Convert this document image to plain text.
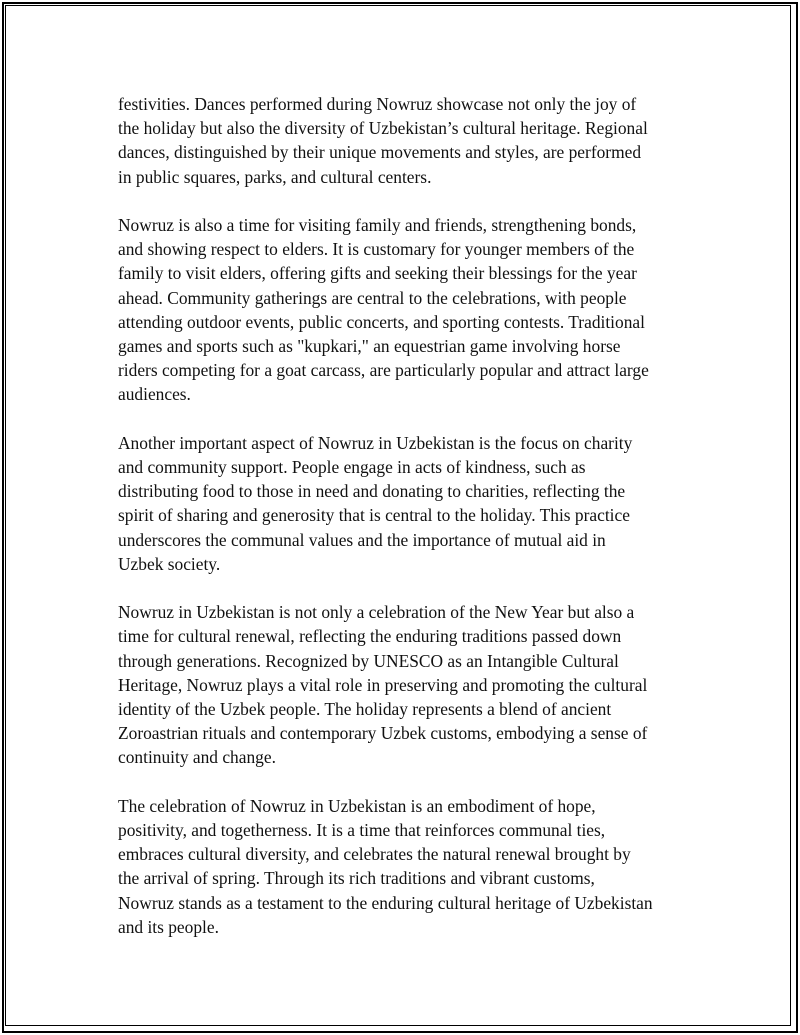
festivities. Dances performed during Nowruz showcase not only the joy of
the holiday but also the diversity of Uzbekistan’s cultural heritage. Regional
dances, distinguished by their unique movements and styles, are performed
in public squares, parks, and cultural centers.

Nowruz is also a time for visiting family and friends, strengthening bonds,
and showing respect to elders. It is customary for younger members of the
family to visit elders, offering gifts and seeking their blessings for the year
ahead. Community gatherings are central to the celebrations, with people
attending outdoor events, public concerts, and sporting contests. Traditional
games and sports such as "kupkari," an equestrian game involving horse
riders competing for a goat carcass, are particularly popular and attract large
audiences.

Another important aspect of Nowruz in Uzbekistan is the focus on charity
and community support. People engage in acts of kindness, such as
distributing food to those in need and donating to charities, reflecting the
spirit of sharing and generosity that is central to the holiday. This practice
underscores the communal values and the importance of mutual aid in
Uzbek society.

Nowruz in Uzbekistan is not only a celebration of the New Year but also a
time for cultural renewal, reflecting the enduring traditions passed down
through generations. Recognized by UNESCO as an Intangible Cultural
Heritage, Nowruz plays a vital role in preserving and promoting the cultural
identity of the Uzbek people. The holiday represents a blend of ancient
Zoroastrian rituals and contemporary Uzbek customs, embodying a sense of
continuity and change.

The celebration of Nowruz in Uzbekistan is an embodiment of hope,
positivity, and togetherness. It is a time that reinforces communal ties,
embraces cultural diversity, and celebrates the natural renewal brought by
the arrival of spring. Through its rich traditions and vibrant customs,
Nowruz stands as a testament to the enduring cultural heritage of Uzbekistan
and its people.
